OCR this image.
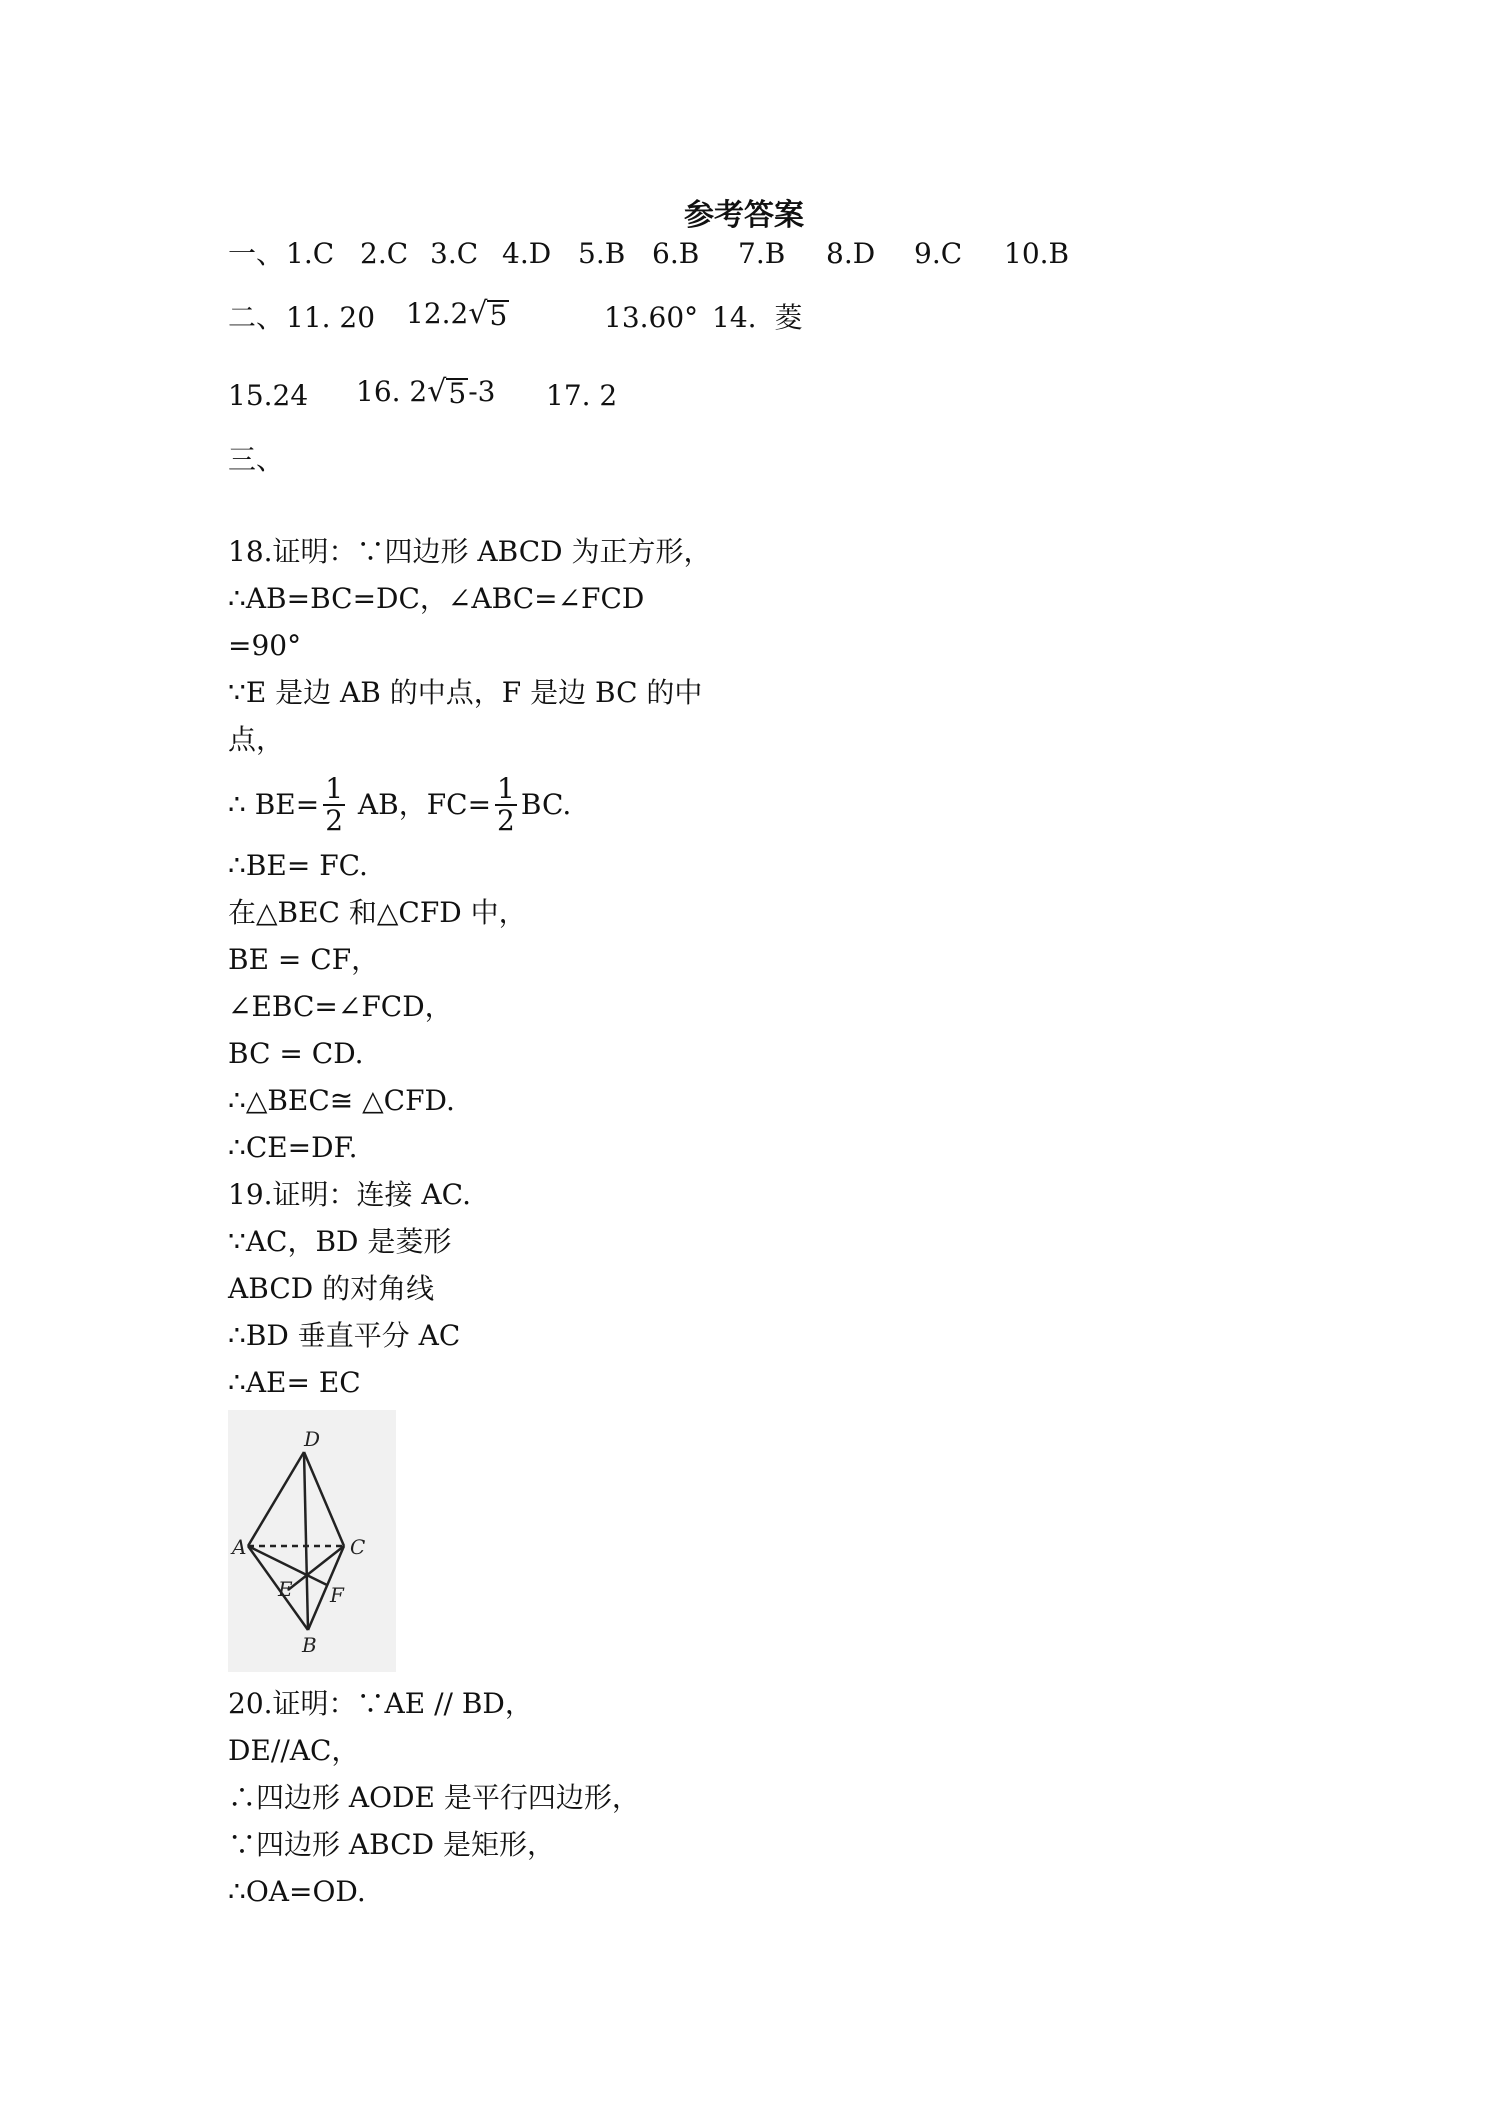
参考答案
一、 1.C 2.C 3.C 4.D 5.B 6.B 7.B 8.D 9.C 10.B
二、 11. 20 12.2 √ 5	13.60° 14.  菱
15.24 16. 2 √ 5 -3 17. 2
三、
18.证明：∵四边形 ABCD 为正方形，
∴AB=BC=DC，∠ABC=∠FCD
=90°
∵E 是边 AB 的中点，F 是边 BC 的中
点，
∴ $BE= \frac{1}{2}$ AB，$FC= \frac{1}{2}$ BC.
∴BE= FC.
在△BEC 和△CFD 中，
BE = CF，
∠EBC=∠FCD，
BC = CD.
∴△BEC≅ △CFD.
∴CE=DF.
19.证明：连接 AC.
∵AC，BD 是菱形
ABCD 的对角线
∴BD 垂直平分 AC
∴AE= EC
D
A	C
E F
B
20.证明：∵AE // BD，
DE//AC，
∴四边形 AODE 是平行四边形，
∵四边形 ABCD 是矩形，
∴OA=OD.
